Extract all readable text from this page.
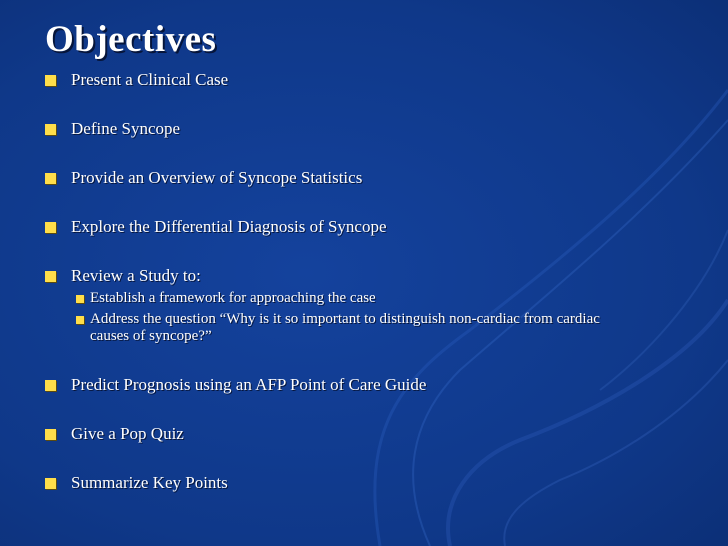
Objectives
Present a Clinical Case
Define Syncope
Provide an Overview of Syncope Statistics
Explore the Differential Diagnosis of Syncope
Review a Study to:
Establish a framework for approaching the case
Address the question “Why is it so important to distinguish non-cardiac from cardiac
causes of syncope?”
Predict Prognosis using an AFP Point of Care Guide
Give a Pop Quiz
Summarize Key Points
